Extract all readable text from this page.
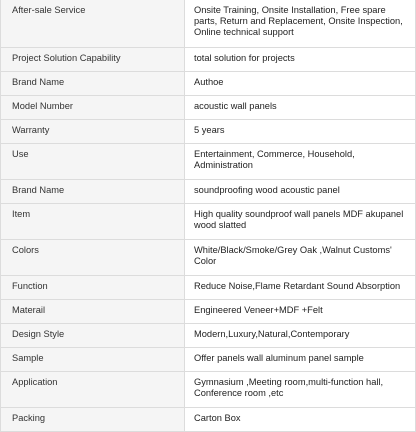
After-sale Service	Onsite Training, Onsite Installation, Free spare parts, Return and Replacement, Onsite Inspection, Online technical support

Project Solution Capability	total solution for projects

Brand Name	Authoe

Model Number	acoustic wall panels

Warranty	5 years

Use	Entertainment, Commerce, Household, Administration

Brand Name	soundproofing wood acoustic panel

Item	High quality soundproof wall panels MDF akupanel wood slatted

Colors	White/Black/Smoke/Grey Oak ,Walnut Customs' Color

Function	Reduce Noise,Flame Retardant Sound Absorption

Materail	Engineered Veneer+MDF +Felt

Design Style	Modern,Luxury,Natural,Contemporary

Sample	Offer panels wall aluminum panel sample

Application	Gymnasium ,Meeting room,multi-function hall, Conference room ,etc

Packing	Carton Box
